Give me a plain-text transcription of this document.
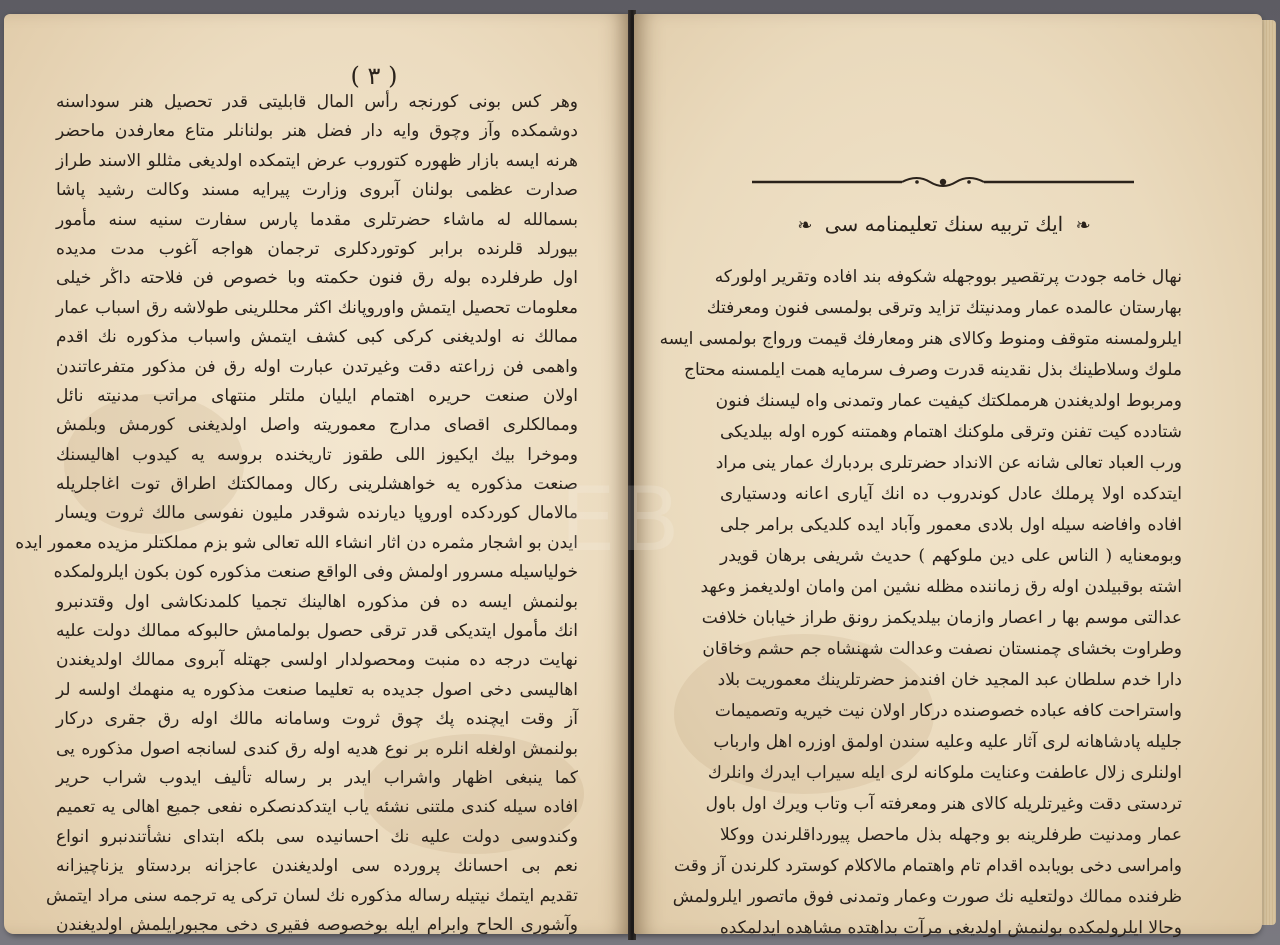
( ٣ )
وهر كس بونى كورنجه رأس المال قابليتى قدر تحصيل هنر سوداسنه
دوشمكده وآز وچوق وايه دار فضل هنر بولنانلر متاع معارفدن ماحضر
هرنه ايسه بازار ظهوره كتوروب عرض ايتمكده اولديغى مثللو الاسند طراز
صدارت عظمى بولنان آبروى وزارت پيرايه مسند وكالت رشيد پاشا
بسمالله له ماشاء حضرتلرى مقدما پارس سفارت سنيه سنه مأمور
بيورلد قلرنده برابر كوتوردكلرى ترجمان هواجه آغوب مدت مديده
اول طرفلرده بوله رق فنون حكمته وبا خصوص فن فلاحته داڭر خيلى
معلومات تحصيل ايتمش واوروپانك اكثر محللرينى طولاشه رق اسباب عمار
ممالك نه اولديغنى كركى كبى كشف ايتمش واسباب مذكوره نك اقدم
واهمى فن زراعته دقت وغيرتدن عبارت اوله رق فن مذكور متفرعاتندن
اولان صنعت حريره اهتمام ايليان ملتلر منتهاى مراتب مدنيته نائل
وممالكلرى اقصاى مدارج معموريته واصل اولديغنى كورمش وبلمش
وموخرا بيك ايكيوز اللى طقوز تاريخنده بروسه يه كيدوب اهاليسنك
صنعت مذكوره يه خواهشلرينى ركال وممالكتك اطراق توت اغاجلريله
مالامال كوردكده اوروپا ديارنده شوقدر مليون نفوسى مالك ثروت ويسار
ايدن بو اشجار مثمره دن اثار انشاء الله تعالى شو بزم مملكتلر مزيده معمور ايده
خولياسيله مسرور اولمش وفى الواقع صنعت مذكوره كون بكون ايلرولمكده
بولنمش ايسه ده فن مذكوره اهالينك تجميا كلمدنكاشى اول وقتدنبرو
انك مأمول ايتديكى قدر ترقى حصول بولمامش حالبوكه ممالك دولت عليه
نهايت درجه ده منبت ومحصولدار اولسى جهتله آبروى ممالك اولديغندن
اهاليسى دخى اصول جديده به تعليما صنعت مذكوره يه منهمك اولسه لر
آز وقت ايچنده پك چوق ثروت وسامانه مالك اوله رق جقرى دركار
بولنمش اولغله انلره بر نوع هديه اوله رق كندى لسانجه اصول مذكوره يى
كما ينبغى اظهار واشراب ايدر بر رساله تأليف ايدوب شراب حرير
افاده سيله كندى ملتنى نشئه ياب ايتدكدنصكره نفعى جميع اهالى يه تعميم
وكندوسى دولت عليه نك احسانيده سى بلكه ابتداى نشأتندنبرو انواع
نعم بى احسانك پرورده سى اولديغندن عاجزانه بردستاو يزناچيزانه
تقديم ايتمك نيتيله رساله مذكوره نك لسان تركى يه ترجمه سنى مراد ايتمش
وآشورى الحاح وابرام ايله بوخصوصه فقيرى دخى مجبورايلمش اولديغندن
❧ ايك تربيه سنك تعليمنامه سى ❧
نهال خامه جودت پرتقصير بووجهله شكوفه بند افاده وتقرير اولوركه
بهارستان عالمده عمار ومدنيتك تزايد وترقى بولمسى فنون ومعرفتك
ايلرولمسنه متوقف ومنوط وكالاى هنر ومعارفك قيمت ورواج بولمسى ايسه
ملوك وسلاطينك بذل نقدينه قدرت وصرف سرمايه همت ايلمسنه محتاج
ومربوط اولديغندن هرمملكتك كيفيت عمار وتمدنى واه ليسنك فنون
شتادده كيت تفنن وترقى ملوكنك اهتمام وهمتنه كوره اوله بيلديكى
ورب العباد تعالى شانه عن الانداد حضرتلرى بردبارك عمار ينى مراد
ايتدكده اولا پرملك عادل كوندروب ده انك آيارى اعانه ودستيارى
افاده وافاضه سيله اول بلادى معمور وآباد ايده كلديكى برامر جلى
وبومعنايه ( الناس على دين ملوكهم ) حديث شريفى برهان قويدر
اشته بوقبيلدن اوله رق زماننده مظله نشين امن وامان اولديغمز وعهد
عدالتى موسم بها ر اعصار وازمان بيلديكمز رونق طراز خيابان خلافت
وطراوت بخشاى چمنستان نصفت وعدالت شهنشاه جم حشم وخاقان
دارا خدم سلطان عبد المجيد خان افندمز حضرتلرينك معموريت بلاد
واستراحت كافه عباده خصوصنده دركار اولان نيت خيريه وتصميمات
جليله پادشاهانه لرى آثار عليه وعليه سندن اولمق اوزره اهل وارباب
اولنلرى زلال عاطفت وعنايت ملوكانه لرى ايله سيراب ايدرك وانلرك
تردستى دقت وغيرتلريله كالاى هنر ومعرفته آب وتاب ويرك اول باول
عمار ومدنيت طرفلرينه بو وجهله بذل ماحصل پيورداقلرندن ووكلا
وامراسى دخى بويابده اقدام تام واهتمام مالاكلام كوسترد كلرندن آز وقت
ظرفنده ممالك دولتعليه نك صورت وعمار وتمدنى فوق ماتصور ايلرولمش
وحالا ايلرولمكده بولنمش اولديغى مرآت بداهتده مشاهده ايدلمكده
